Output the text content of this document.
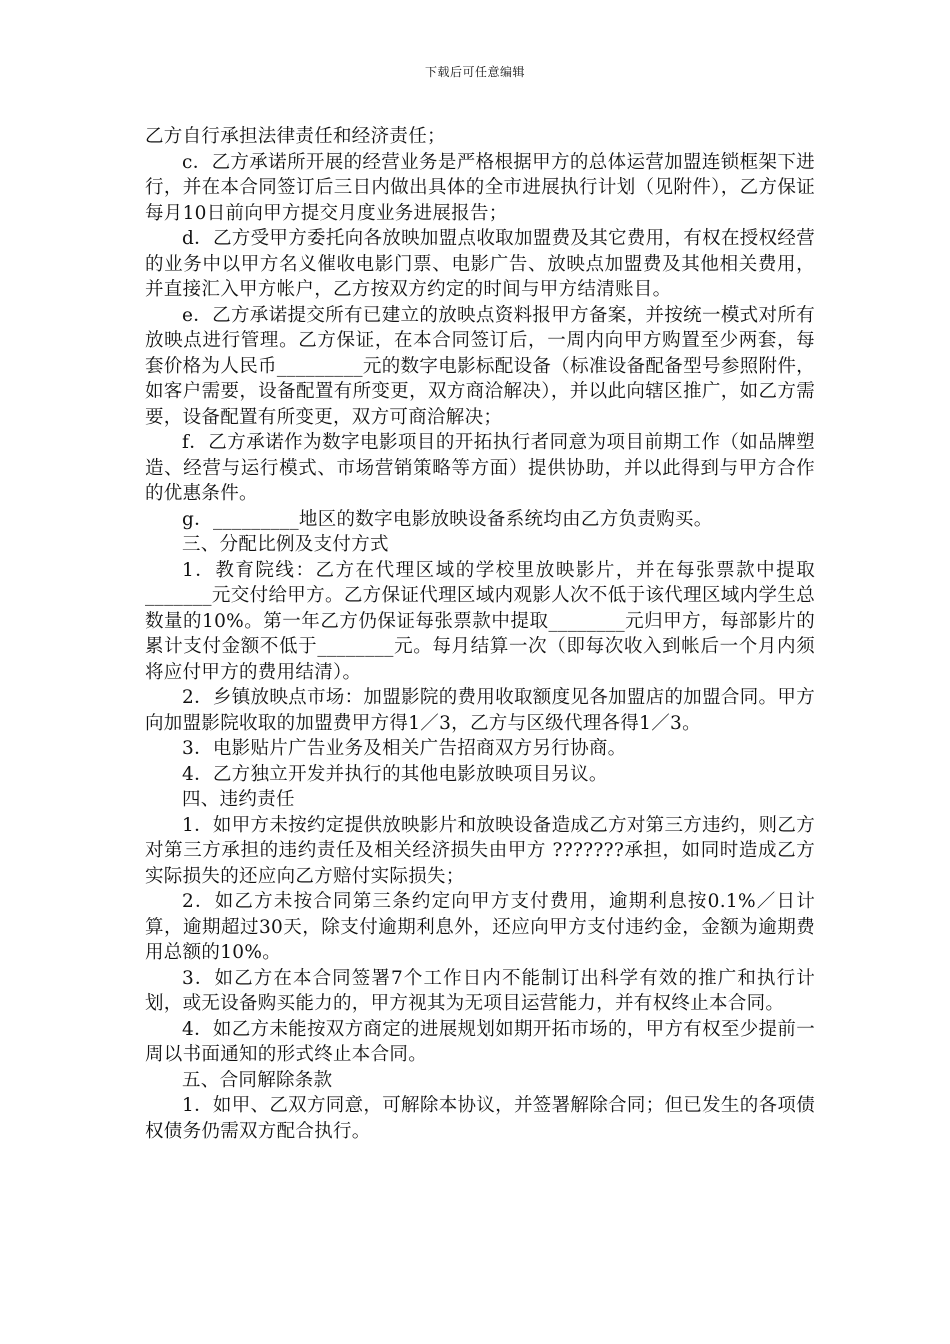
下载后可任意编辑

乙方自行承担法律责任和经济责任；

c．乙方承诺所开展的经营业务是严格根据甲方的总体运营加盟连锁框架下进行，并在本合同签订后三日内做出具体的全市进展执行计划（见附件），乙方保证每月10日前向甲方提交月度业务进展报告；

d．乙方受甲方委托向各放映加盟点收取加盟费及其它费用，有权在授权经营的业务中以甲方名义催收电影门票、电影广告、放映点加盟费及其他相关费用，并直接汇入甲方帐户，乙方按双方约定的时间与甲方结清账目。

e．乙方承诺提交所有已建立的放映点资料报甲方备案，并按统一模式对所有放映点进行管理。乙方保证，在本合同签订后，一周内向甲方购置至少两套，每套价格为人民币_________元的数字电影标配设备（标准设备配备型号参照附件，如客户需要，设备配置有所变更，双方商洽解决），并以此向辖区推广，如乙方需要，设备配置有所变更，双方可商洽解决；

f．乙方承诺作为数字电影项目的开拓执行者同意为项目前期工作（如品牌塑造、经营与运行模式、市场营销策略等方面）提供协助，并以此得到与甲方合作的优惠条件。

g．_________地区的数字电影放映设备系统均由乙方负责购买。

三、分配比例及支付方式

1．教育院线：乙方在代理区域的学校里放映影片，并在每张票款中提取_______元交付给甲方。乙方保证代理区域内观影人次不低于该代理区域内学生总数量的10%。第一年乙方仍保证每张票款中提取________元归甲方，每部影片的累计支付金额不低于________元。每月结算一次（即每次收入到帐后一个月内须将应付甲方的费用结清）。

2．乡镇放映点市场：加盟影院的费用收取额度见各加盟店的加盟合同。甲方向加盟影院收取的加盟费甲方得1／3，乙方与区级代理各得1／3。

3．电影贴片广告业务及相关广告招商双方另行协商。

4．乙方独立开发并执行的其他电影放映项目另议。

四、违约责任

1．如甲方未按约定提供放映影片和放映设备造成乙方对第三方违约，则乙方对第三方承担的违约责任及相关经济损失由甲方 ???????承担，如同时造成乙方实际损失的还应向乙方赔付实际损失；

2．如乙方未按合同第三条约定向甲方支付费用，逾期利息按0.1%／日计算，逾期超过30天，除支付逾期利息外，还应向甲方支付违约金，金额为逾期费用总额的10%。

3．如乙方在本合同签署7个工作日内不能制订出科学有效的推广和执行计划，或无设备购买能力的，甲方视其为无项目运营能力，并有权终止本合同。

4．如乙方未能按双方商定的进展规划如期开拓市场的，甲方有权至少提前一周以书面通知的形式终止本合同。

五、合同解除条款

1．如甲、乙双方同意，可解除本协议，并签署解除合同；但已发生的各项债权债务仍需双方配合执行。
